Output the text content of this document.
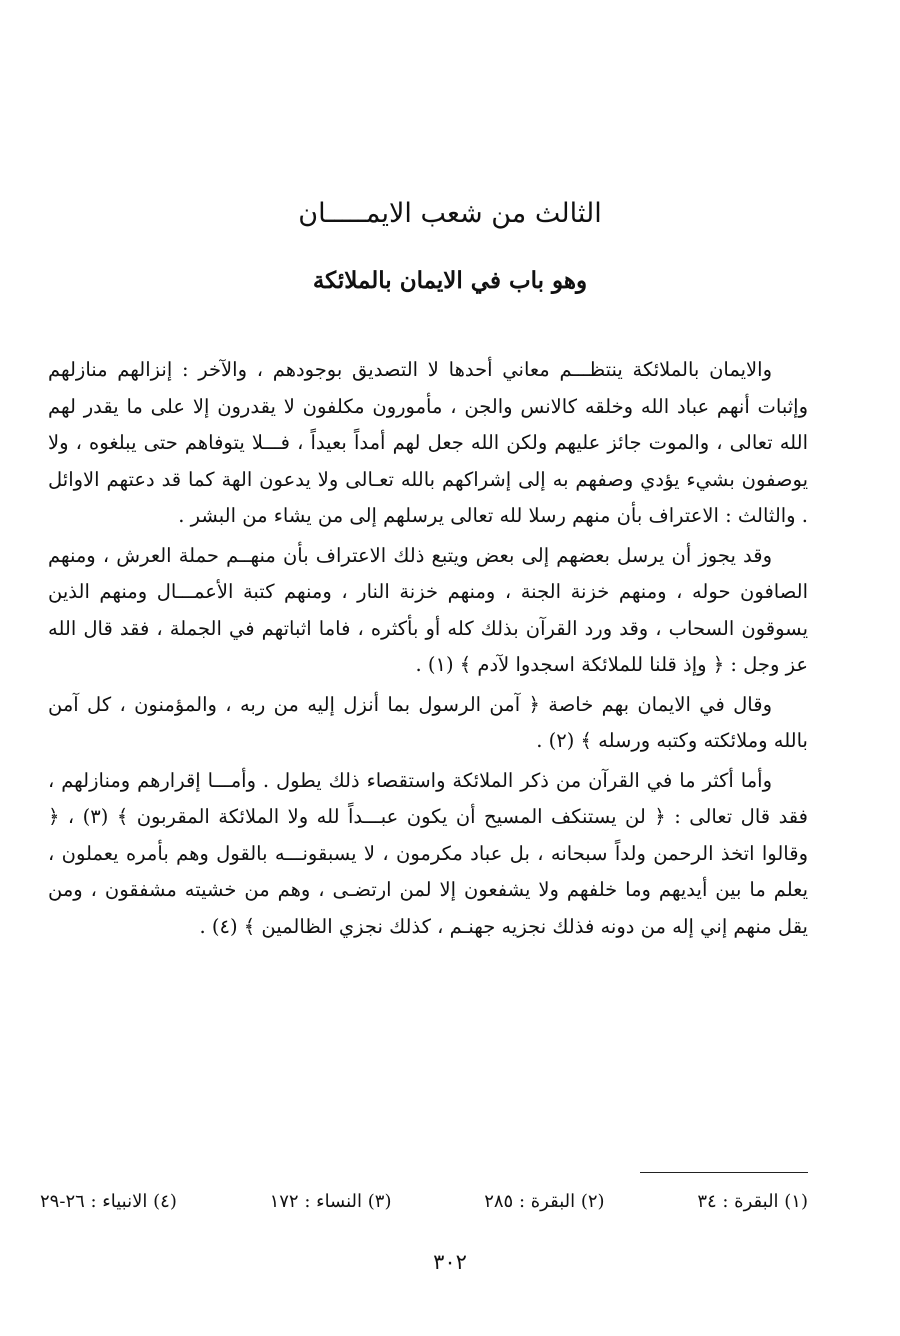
الثالث من شعب الايمـــــان
وهو باب في الايمان بالملائكة

والايمان بالملائكة ينتظـــم معاني أحدها لا التصديق بوجودهم ، والآخر : إنزالهم منازلهم وإثبات أنهم عباد الله وخلقه كالانس والجن ، مأمورون مكلفون لا يقدرون إلا على ما يقدر لهم الله تعالى ، والموت جائز عليهم ولكن الله جعل لهم أمداً بعيداً ، فـــلا يتوفاهم حتى يبلغوه ، ولا يوصفون بشيء يؤدي وصفهم به إلى إشراكهم بالله تعـالى ولا يدعون الهة كما قد دعتهم الاوائل . والثالث : الاعتراف بأن منهم رسلا لله تعالى يرسلهم إلى من يشاء من البشر .

وقد يجوز أن يرسل بعضهم إلى بعض ويتبع ذلك الاعتراف بأن منهــم حملة العرش ، ومنهم الصافون حوله ، ومنهم خزنة الجنة ، ومنهم خزنة النار ، ومنهم كتبة الأعمـــال ومنهم الذين يسوقون السحاب ، وقد ورد القرآن بذلك كله أو بأكثره ، فاما اثباتهم في الجملة ، فقد قال الله عز وجل : ﴿ وإذ قلنا للملائكة اسجدوا لآدم ﴾ (١) .

وقال في الايمان بهم خاصة ﴿ آمن الرسول بما أنزل إليه من ربه ، والمؤمنون ، كل آمن بالله وملائكته وكتبه ورسله ﴾ (٢) .

وأما أكثر ما في القرآن من ذكر الملائكة واستقصاء ذلك يطول . وأمـــا إقرارهم ومنازلهم ، فقد قال تعالى : ﴿ لن يستنكف المسيح أن يكون عبـــداً لله ولا الملائكة المقربون ﴾ (٣) ، ﴿ وقالوا اتخذ الرحمن ولداً سبحانه ، بل عباد مكرمون ، لا يسبقونـــه بالقول وهم بأمره يعملون ، يعلم ما بين أيديهم وما خلفهم ولا يشفعون إلا لمن ارتضـى ، وهم من خشيته مشفقون ، ومن يقل منهم إني إله من دونه فذلك نجزيه جهنـم ، كذلك نجزي الظالمين ﴾ (٤) .

(١) البقرة : ٣٤
(٢) البقرة : ٢٨٥
(٣) النساء : ١٧٢
(٤) الانبياء : ٢٦-٢٩
٣٠٢
